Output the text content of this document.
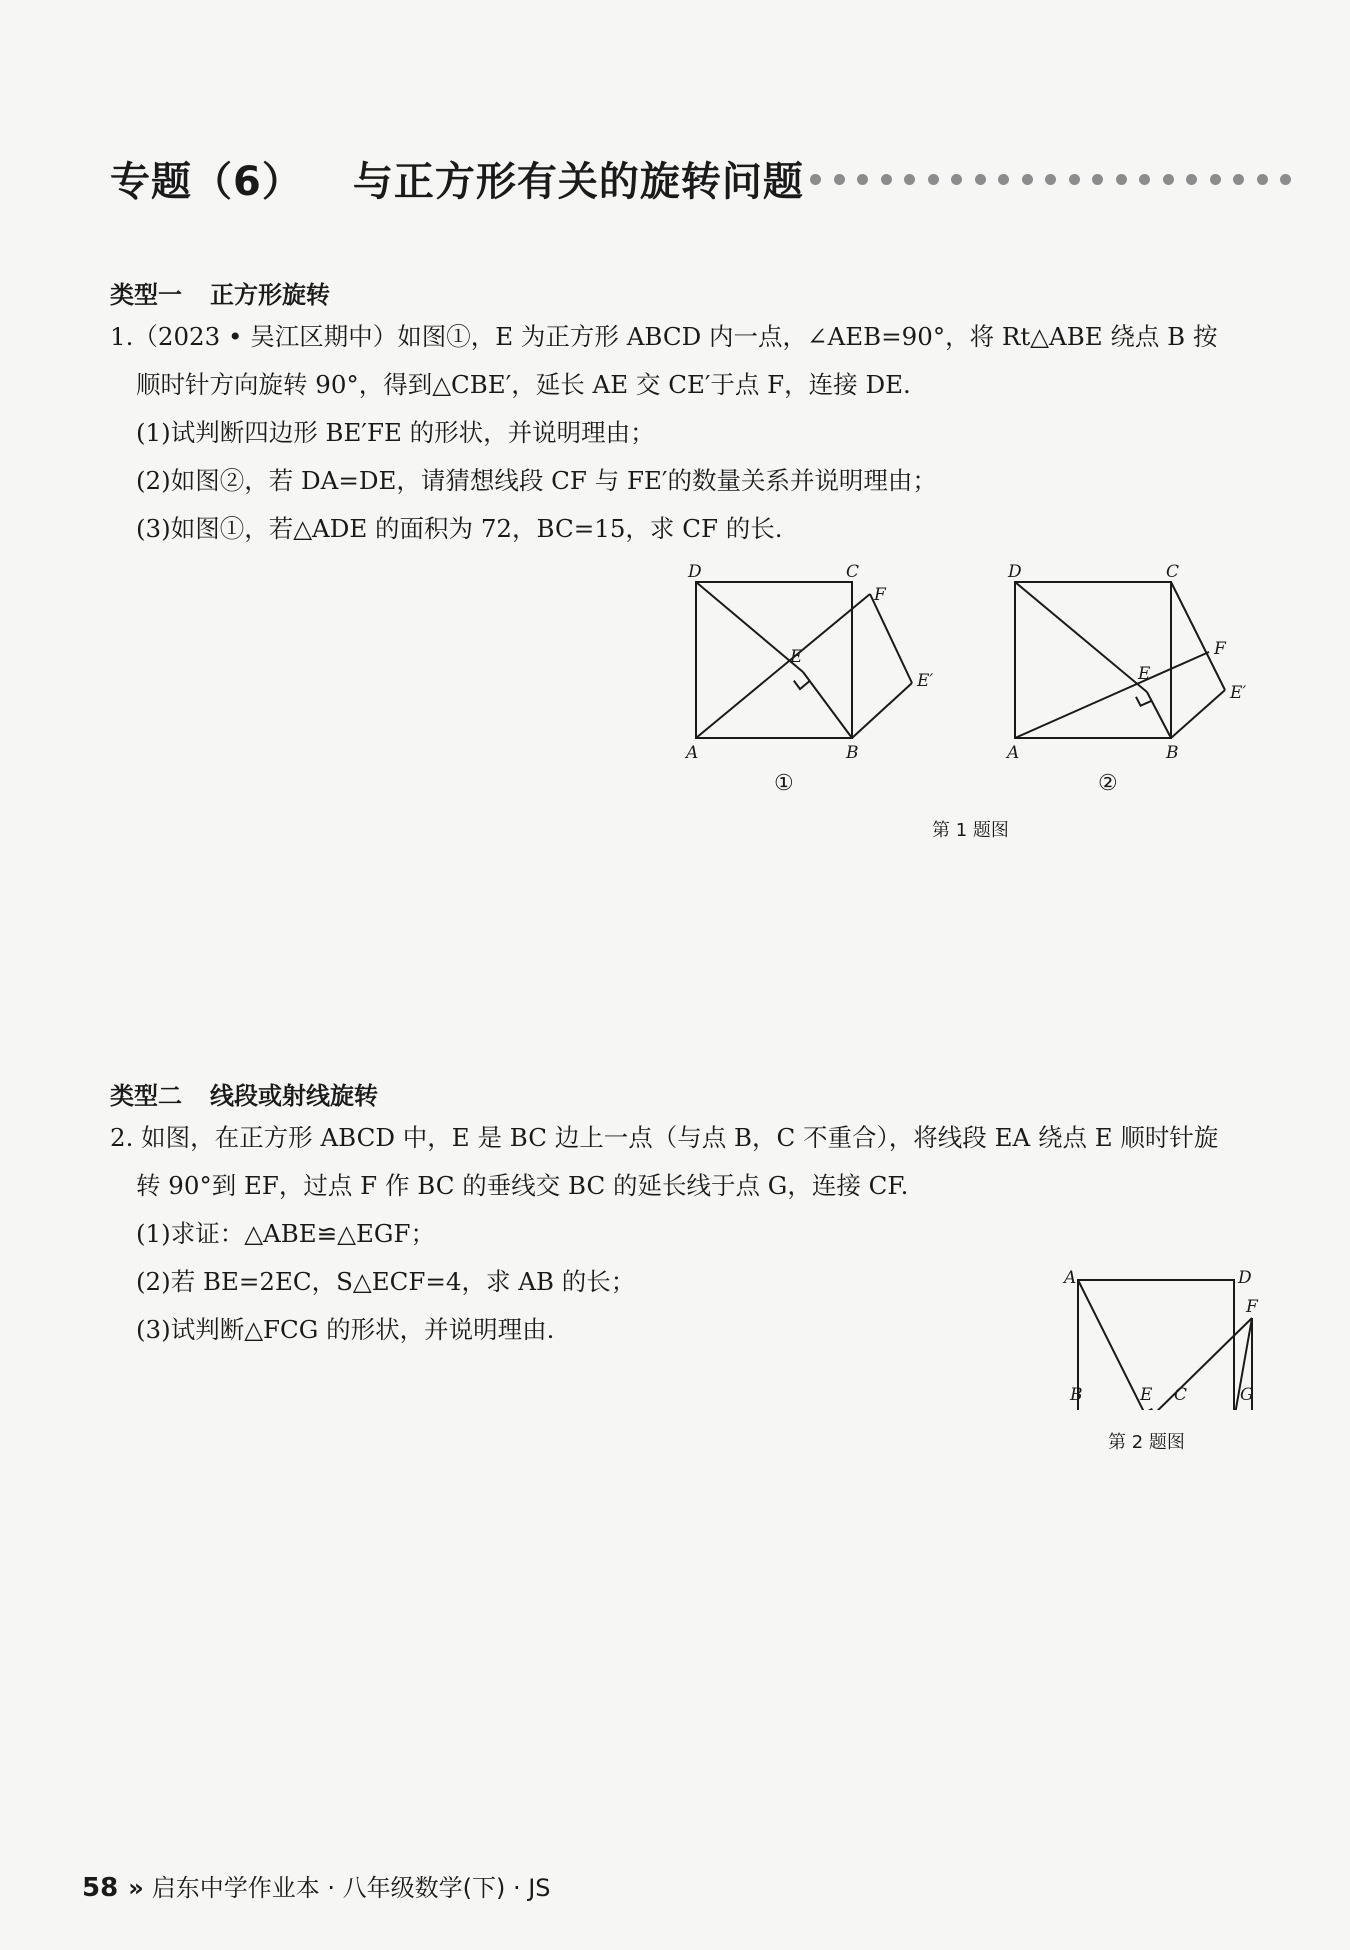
专题（6） 与正方形有关的旋转问题
类型一 正方形旋转
1.（2023 • 吴江区期中）如图①，E 为正方形 ABCD 内一点，∠AEB=90°，将 Rt△ABE 绕点 B 按
顺时针方向旋转 90°，得到△CBE′，延长 AE 交 CE′于点 F，连接 DE.
(1)试判断四边形 BE′FE 的形状，并说明理由；
(2)如图②，若 DA=DE，请猜想线段 CF 与 FE′的数量关系并说明理由；
(3)如图①，若△ADE 的面积为 72，BC=15，求 CF 的长.
D	C
F
E
E′
A	B
D	C
F
E
E′
A	B
①	②
第 1 题图
类型二 线段或射线旋转
2. 如图，在正方形 ABCD 中，E 是 BC 边上一点（与点 B，C 不重合），将线段 EA 绕点 E 顺时针旋
转 90°到 EF，过点 F 作 BC 的垂线交 BC 的延长线于点 G，连接 CF.
(1)求证：△ABE≌△EGF；
(2)若 BE=2EC，S△ECF=4，求 AB 的长；
(3)试判断△FCG 的形状，并说明理由.
A	D
F
B	E C	G
第 2 题图
58 » 启东中学作业本 · 八年级数学(下) · JS
